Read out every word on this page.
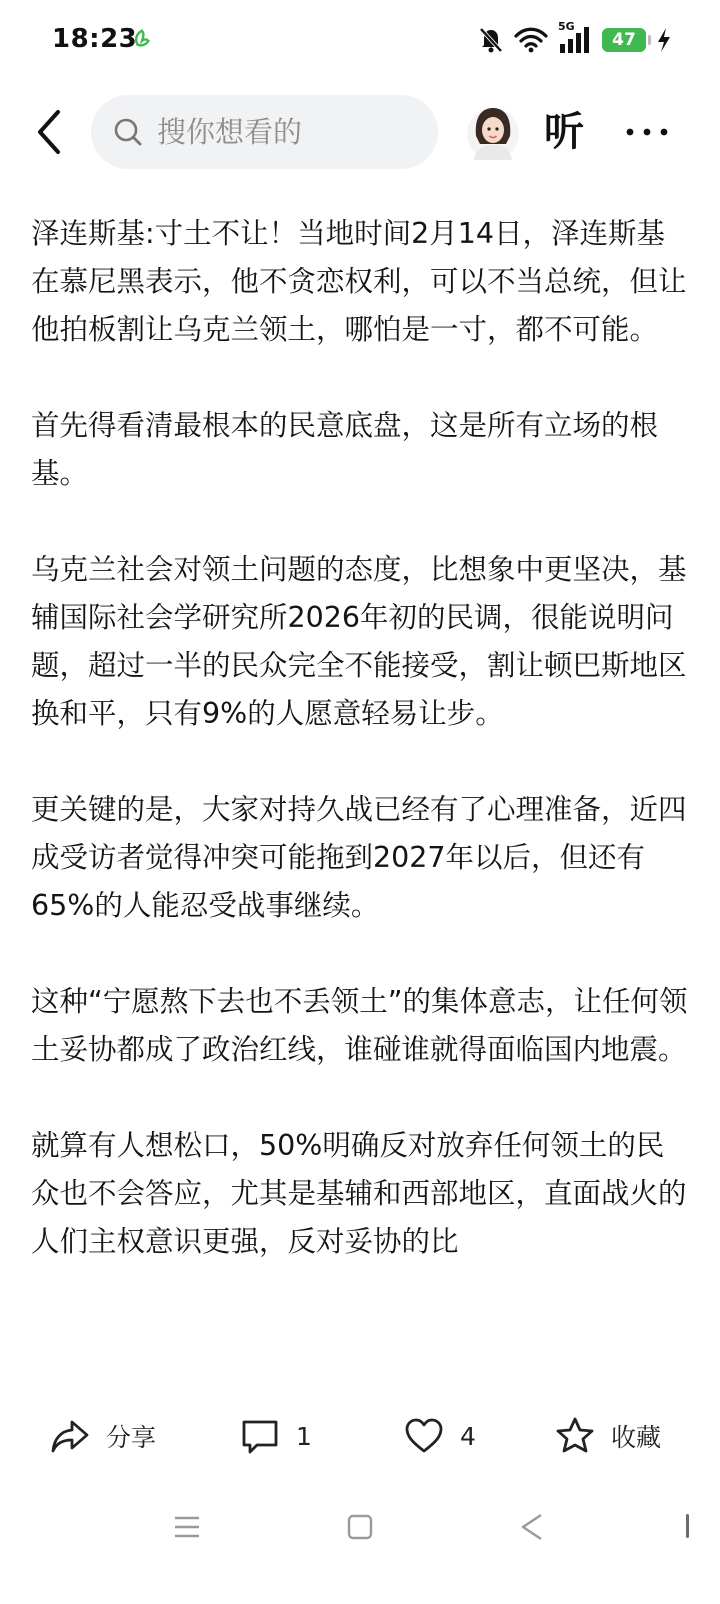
18:23	5G
47
搜你想看的	听

泽连斯基:寸土不让！当地时间2月14日，泽连斯基在慕尼黑表示，他不贪恋权利，可以不当总统，但让他拍板割让乌克兰领土，哪怕是一寸，都不可能。

首先得看清最根本的民意底盘，这是所有立场的根基。

乌克兰社会对领土问题的态度，比想象中更坚决，基辅国际社会学研究所2026年初的民调，很能说明问题，超过一半的民众完全不能接受，割让顿巴斯地区换和平，只有9%的人愿意轻易让步。

更关键的是，大家对持久战已经有了心理准备，近四成受访者觉得冲突可能拖到2027年以后，但还有65%的人能忍受战事继续。

这种“宁愿熬下去也不丢领土”的集体意志，让任何领土妥协都成了政治红线，谁碰谁就得面临国内地震。

就算有人想松口，50%明确反对放弃任何领土的民众也不会答应，尤其是基辅和西部地区，直面战火的人们主权意识更强，反对妥协的比

分享	1	4	收藏
